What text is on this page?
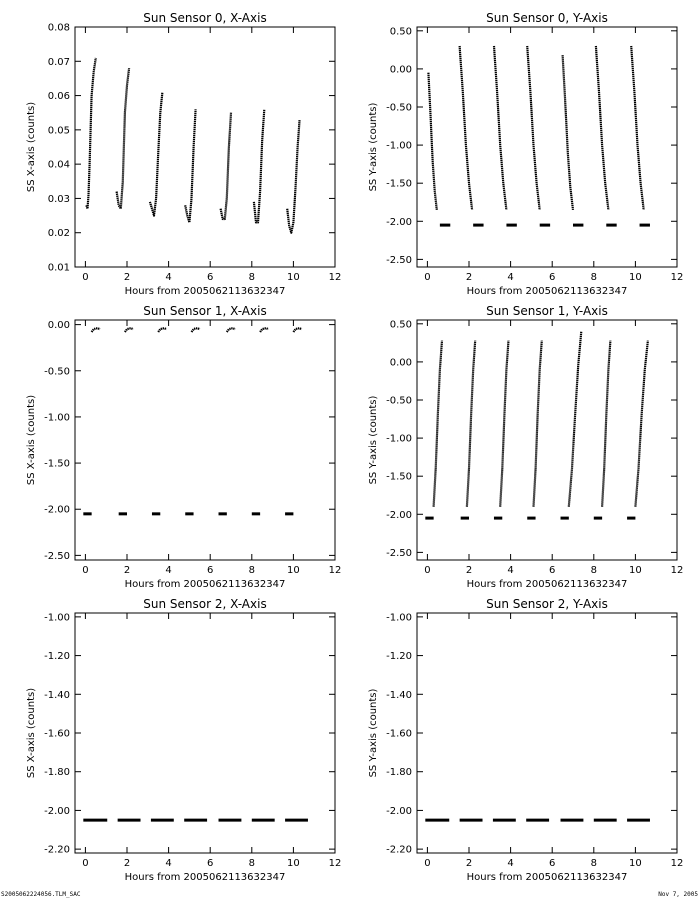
Sun Sensor 0, X-Axis
Hours from 2005062113632347
SS X-axis (counts)
0	2	4	6	8	10	12
0.01
0.02
0.03
0.04
0.05
0.06
0.07
0.08
Sun Sensor 0, Y-Axis
Hours from 2005062113632347
SS Y-axis (counts)
0	2	4	6	8	10	12
-2.50
-2.00
-1.50
-1.00
-0.50
0.00
0.50
Sun Sensor 1, X-Axis
Hours from 2005062113632347
SS X-axis (counts)
0	2	4	6	8	10	12
-2.50
-2.00
-1.50
-1.00
-0.50
0.00
Sun Sensor 1, Y-Axis
Hours from 2005062113632347
SS Y-axis (counts)
0	2	4	6	8	10	12
-2.50
-2.00
-1.50
-1.00
-0.50
0.00
0.50
Sun Sensor 2, X-Axis
Hours from 2005062113632347
SS X-axis (counts)
0	2	4	6	8	10	12
-2.20
-2.00
-1.80
-1.60
-1.40
-1.20
-1.00
Sun Sensor 2, Y-Axis
Hours from 2005062113632347
SS Y-axis (counts)
0	2	4	6	8	10	12
-2.20
-2.00
-1.80
-1.60
-1.40
-1.20
-1.00
S2005062224056.TLM_SAC	Nov 7, 2005
